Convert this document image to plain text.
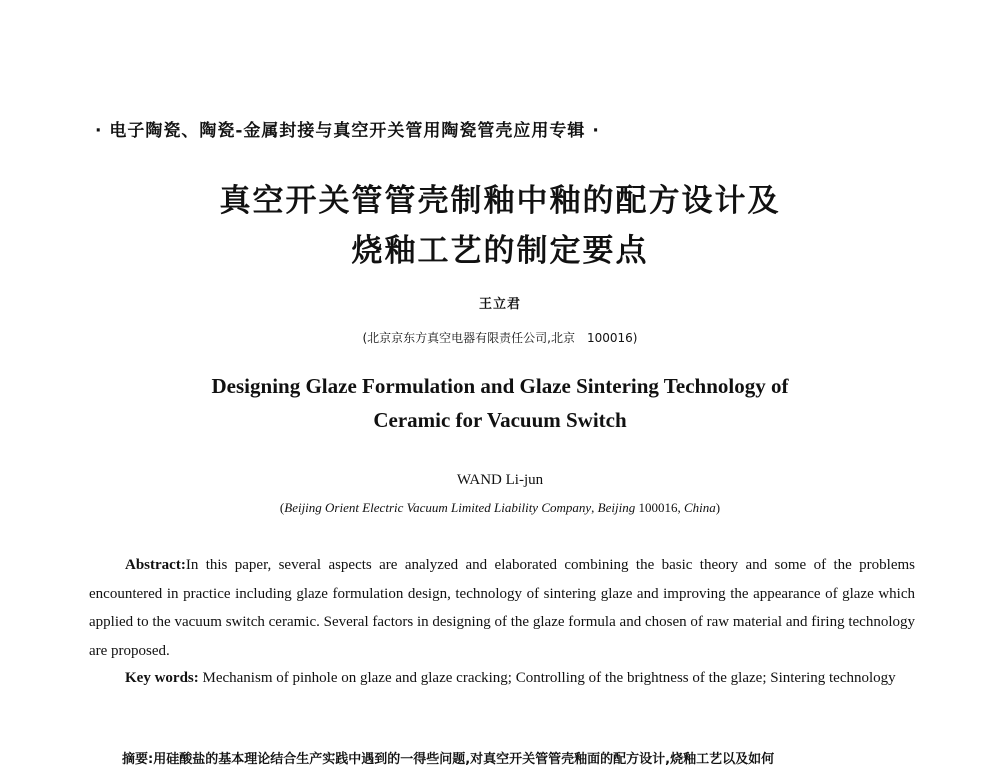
· 电子陶瓷、陶瓷-金属封接与真空开关管用陶瓷管壳应用专辑 ·
真空开关管管壳制釉中釉的配方设计及
烧釉工艺的制定要点
王立君
(北京京东方真空电器有限责任公司,北京　100016)
Designing Glaze Formulation and Glaze Sintering Technology of
Ceramic for Vacuum Switch
WAND Li-jun
(Beijing Orient Electric Vacuum Limited Liability Company, Beijing 100016, China)

Abstract:In this paper, several aspects are analyzed and elaborated combining the basic theory and some of the problems encountered in practice including glaze formulation design, technology of sintering glaze and improving the appearance of glaze which applied to the vacuum switch ceramic. Several factors in designing of the glaze formula and chosen of raw material and firing technology are proposed.

Key words: Mechanism of pinhole on glaze and glaze cracking; Controlling of the brightness of the glaze; Sintering technology

摘要:用硅酸盐的基本理论结合生产实践中遇到的一得些问题,对真空开关管管壳釉面的配方设计,烧釉工艺以及如何
